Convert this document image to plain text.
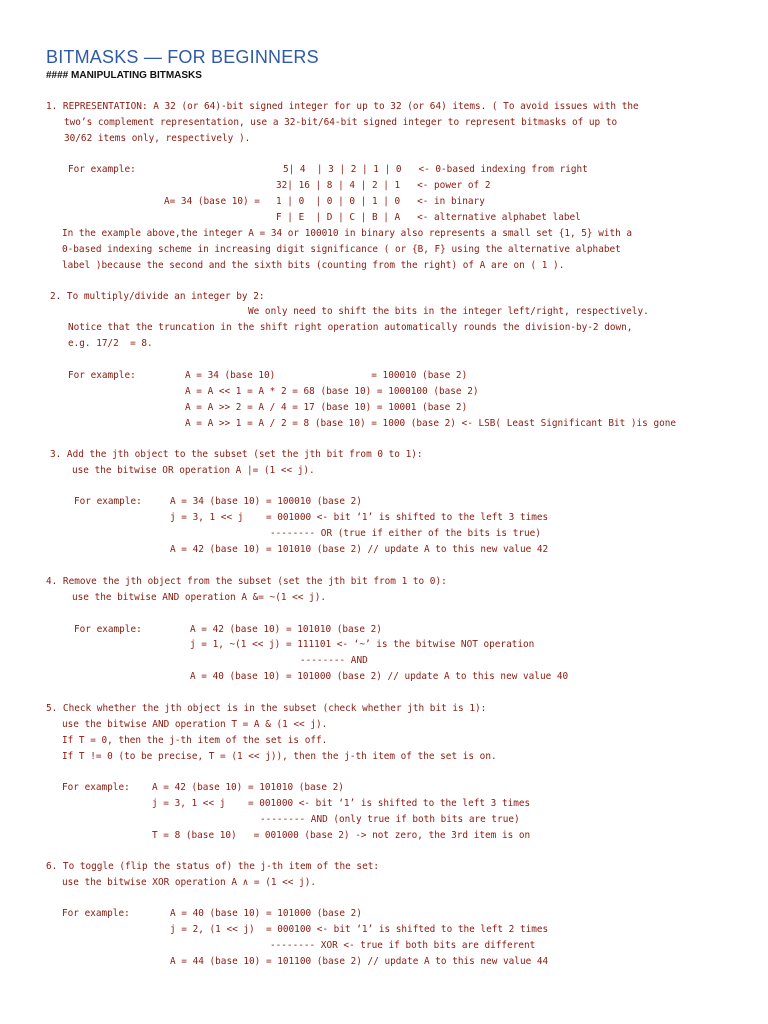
BITMASKS — FOR BEGINNERS
#### MANIPULATING BITMASKS
1. REPRESENTATION: A 32 (or 64)-bit signed integer for up to 32 (or 64) items. ( To avoid issues with the
two’s complement representation, use a 32-bit/64-bit signed integer to represent bitmasks of up to
30/62 items only, respectively ).
For example:	5| 4  | 3 | 2 | 1 | 0   <- 0-based indexing from right
32| 16 | 8 | 4 | 2 | 1   <- power of 2
A= 34 (base 10) = 1 | 0  | 0 | 0 | 1 | 0   <- in binary
F | E  | D | C | B | A   <- alternative alphabet label
In the example above,the integer A = 34 or 100010 in binary also represents a small set {1, 5} with a
0-based indexing scheme in increasing digit significance ( or {B, F} using the alternative alphabet
label )because the second and the sixth bits (counting from the right) of A are on ( 1 ).
2. To multiply/divide an integer by 2:
We only need to shift the bits in the integer left/right, respectively.
Notice that the truncation in the shift right operation automatically rounds the division-by-2 down,
e.g. 17/2  = 8.
For example:	A = 34 (base 10)                 = 100010 (base 2)
A = A << 1 = A * 2 = 68 (base 10) = 1000100 (base 2)
A = A >> 2 = A / 4 = 17 (base 10) = 10001 (base 2)
A = A >> 1 = A / 2 = 8 (base 10) = 1000 (base 2) <- LSB( Least Significant Bit )is gone
3. Add the jth object to the subset (set the jth bit from 0 to 1):
use the bitwise OR operation A |= (1 << j).
For example:	A = 34 (base 10) = 100010 (base 2)
j = 3, 1 << j    = 001000 <- bit ‘1’ is shifted to the left 3 times
-------- OR (true if either of the bits is true)
A = 42 (base 10) = 101010 (base 2) // update A to this new value 42
4. Remove the jth object from the subset (set the jth bit from 1 to 0):
use the bitwise AND operation A &= ~(1 << j).
For example:	A = 42 (base 10) = 101010 (base 2)
j = 1, ~(1 << j) = 111101 <- ‘~’ is the bitwise NOT operation
-------- AND
A = 40 (base 10) = 101000 (base 2) // update A to this new value 40
5. Check whether the jth object is in the subset (check whether jth bit is 1):
use the bitwise AND operation T = A & (1 << j).
If T = 0, then the j-th item of the set is off.
If T != 0 (to be precise, T = (1 << j)), then the j-th item of the set is on.
For example: A = 42 (base 10) = 101010 (base 2)
j = 3, 1 << j    = 001000 <- bit ‘1’ is shifted to the left 3 times
-------- AND (only true if both bits are true)
T = 8 (base 10)   = 001000 (base 2) -> not zero, the 3rd item is on
6. To toggle (flip the status of) the j-th item of the set:
use the bitwise XOR operation A ∧ = (1 << j).
For example:	A = 40 (base 10) = 101000 (base 2)
j = 2, (1 << j)  = 000100 <- bit ‘1’ is shifted to the left 2 times
-------- XOR <- true if both bits are different
A = 44 (base 10) = 101100 (base 2) // update A to this new value 44
